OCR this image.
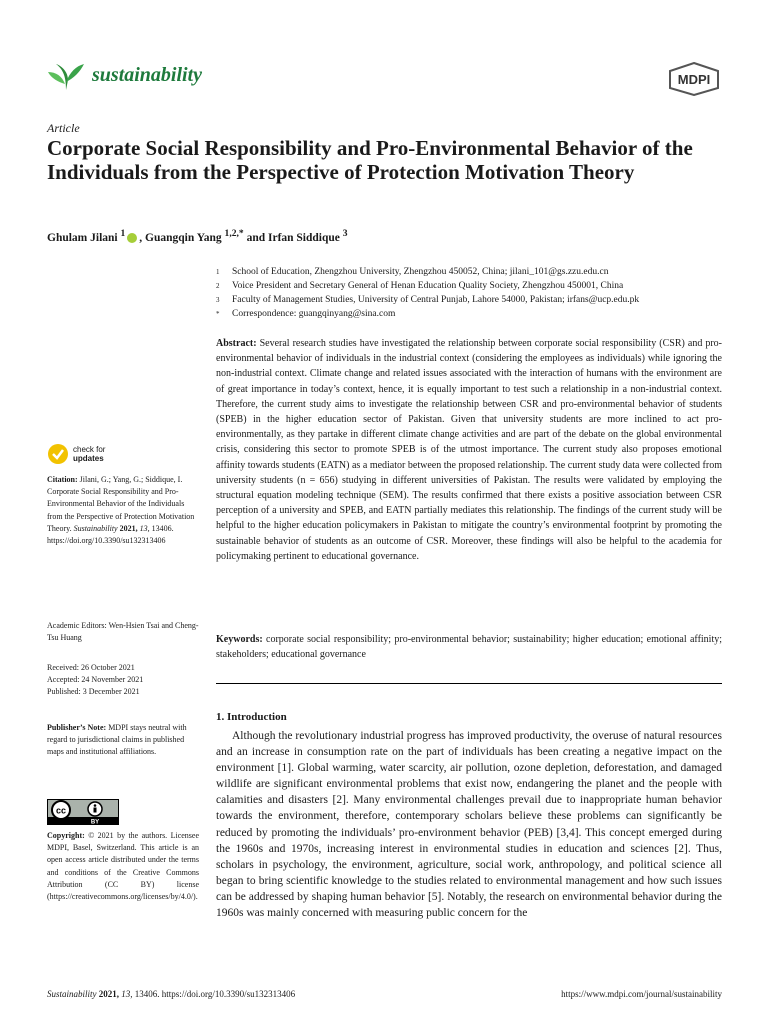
sustainability	MDPI
Article
Corporate Social Responsibility and Pro-Environmental Behavior of the Individuals from the Perspective of Protection Motivation Theory
Ghulam Jilani $^1$ , Guangqin Yang $^{1,2,*}$ and Irfan Siddique $^3$
1	School of Education, Zhengzhou University, Zhengzhou 450052, China; jilani_101@gs.zzu.edu.cn
2	Voice President and Secretary General of Henan Education Quality Society, Zhengzhou 450001, China
3	Faculty of Management Studies, University of Central Punjab, Lahore 54000, Pakistan; irfans@ucp.edu.pk
*	Correspondence: guangqinyang@sina.com
Abstract: Several research studies have investigated the relationship between corporate social responsibility (CSR) and pro-environmental behavior of individuals in the industrial context (considering the employees as individuals) while ignoring the non-industrial context. Climate change and related issues associated with the interaction of humans with the environment are of great importance in today’s context, hence, it is equally important to test such a relationship in a non-industrial context. Therefore, the current study aims to investigate the relationship between CSR and pro-environmental behavior of students (SPEB) in the higher education sector of Pakistan. Given that university students are more inclined to act pro-environmentally, as they partake in different climate change activities and are part of the debate on the global environmental crisis, considering this sector to promote SPEB is of the utmost importance. The current study also proposes emotional affinity towards students (EATN) as a mediator between the proposed relationship. The current study data were collected from university students (n = 656) studying in different universities of Pakistan. The results were validated by employing the structural equation modeling technique (SEM). The results confirmed that there exists a positive association between CSR perception of a university and SPEB, and EATN partially mediates this relationship. The findings of the current study will be helpful to the higher education policymakers in Pakistan to mitigate the country’s environmental footprint by promoting the sustainable behavior of students as an outcome of CSR. Moreover, these findings will also be helpful to the academia for policymaking pertinent to educational governance.
Keywords: corporate social responsibility; pro-environmental behavior; sustainability; higher education; emotional affinity; stakeholders; educational governance
1. Introduction

Although the revolutionary industrial progress has improved productivity, the overuse of natural resources and an increase in consumption rate on the part of individuals has been creating a negative impact on the environment [1]. Global warming, water scarcity, air pollution, ozone depletion, deforestation, and damaged wildlife are significant environmental problems that exist now, endangering the planet and the people with calamities and disasters [2]. Many environmental challenges prevail due to inappropriate human behavior towards the environment, therefore, contemporary scholars believe these problems can significantly be reduced by promoting the individuals’ pro-environment behavior (PEB) [3,4]. This concept emerged during the 1960s and 1970s, increasing interest in environmental studies in education and sciences [2]. Thus, scholars in psychology, the environment, agriculture, social work, anthropology, and political science all began to bring scientific knowledge to the studies related to environmental management and how such issues can be addressed by shaping human behavior [5]. Notably, the research on environmental behavior during the 1960s was mainly concerned with measuring public concern for the

check for
updates

Citation: Jilani, G.; Yang, G.; Siddique, I. Corporate Social Responsibility and Pro-Environmental Behavior of the Individuals from the Perspective of Protection Motivation Theory. Sustainability 2021, 13, 13406. https://doi.org/10.3390/su132313406

Academic Editors: Wen-Hsien Tsai and Cheng-Tsu Huang

Received: 26 October 2021

Accepted: 24 November 2021

Published: 3 December 2021

Publisher’s Note: MDPI stays neutral with regard to jurisdictional claims in published maps and institutional affiliations.

cc
BY

Copyright: © 2021 by the authors. Licensee MDPI, Basel, Switzerland. This article is an open access article distributed under the terms and conditions of the Creative Commons Attribution (CC BY) license (https://creativecommons.org/licenses/by/4.0/).

Sustainability 2021, 13, 13406. https://doi.org/10.3390/su132313406	https://www.mdpi.com/journal/sustainability
